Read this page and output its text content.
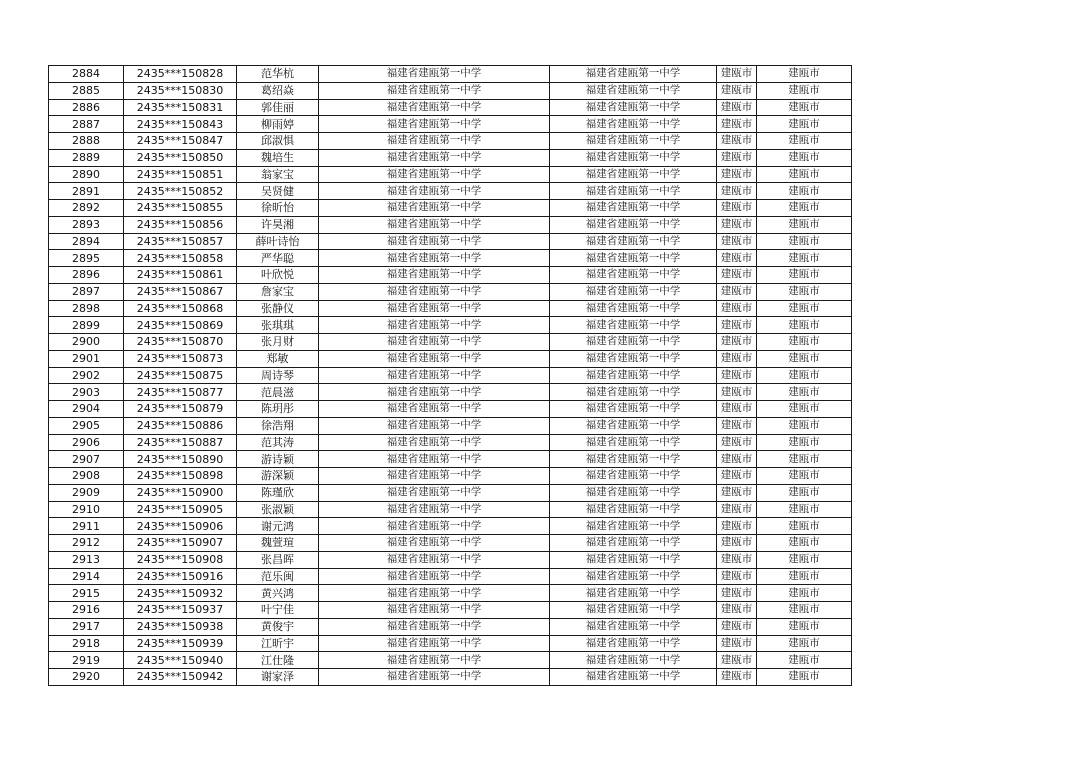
2884	2435***150828	范华杭	福建省建瓯第一中学	福建省建瓯第一中学	建瓯市	建瓯市
2885	2435***150830	葛绍焱	福建省建瓯第一中学	福建省建瓯第一中学	建瓯市	建瓯市
2886	2435***150831	郭佳丽	福建省建瓯第一中学	福建省建瓯第一中学	建瓯市	建瓯市
2887	2435***150843	柳雨婷	福建省建瓯第一中学	福建省建瓯第一中学	建瓯市	建瓯市
2888	2435***150847	邱淑惧	福建省建瓯第一中学	福建省建瓯第一中学	建瓯市	建瓯市
2889	2435***150850	魏培生	福建省建瓯第一中学	福建省建瓯第一中学	建瓯市	建瓯市
2890	2435***150851	翁家宝	福建省建瓯第一中学	福建省建瓯第一中学	建瓯市	建瓯市
2891	2435***150852	吴贤健	福建省建瓯第一中学	福建省建瓯第一中学	建瓯市	建瓯市
2892	2435***150855	徐昕怡	福建省建瓯第一中学	福建省建瓯第一中学	建瓯市	建瓯市
2893	2435***150856	许昊湘	福建省建瓯第一中学	福建省建瓯第一中学	建瓯市	建瓯市
2894	2435***150857	薛叶诗怡	福建省建瓯第一中学	福建省建瓯第一中学	建瓯市	建瓯市
2895	2435***150858	严华聪	福建省建瓯第一中学	福建省建瓯第一中学	建瓯市	建瓯市
2896	2435***150861	叶欣悦	福建省建瓯第一中学	福建省建瓯第一中学	建瓯市	建瓯市
2897	2435***150867	詹家宝	福建省建瓯第一中学	福建省建瓯第一中学	建瓯市	建瓯市
2898	2435***150868	张静仪	福建省建瓯第一中学	福建省建瓯第一中学	建瓯市	建瓯市
2899	2435***150869	张琪琪	福建省建瓯第一中学	福建省建瓯第一中学	建瓯市	建瓯市
2900	2435***150870	张月财	福建省建瓯第一中学	福建省建瓯第一中学	建瓯市	建瓯市
2901	2435***150873	郑敏	福建省建瓯第一中学	福建省建瓯第一中学	建瓯市	建瓯市
2902	2435***150875	周诗琴	福建省建瓯第一中学	福建省建瓯第一中学	建瓯市	建瓯市
2903	2435***150877	范晨滋	福建省建瓯第一中学	福建省建瓯第一中学	建瓯市	建瓯市
2904	2435***150879	陈玥彤	福建省建瓯第一中学	福建省建瓯第一中学	建瓯市	建瓯市
2905	2435***150886	徐浩翔	福建省建瓯第一中学	福建省建瓯第一中学	建瓯市	建瓯市
2906	2435***150887	范其涛	福建省建瓯第一中学	福建省建瓯第一中学	建瓯市	建瓯市
2907	2435***150890	游诗颖	福建省建瓯第一中学	福建省建瓯第一中学	建瓯市	建瓯市
2908	2435***150898	游深颖	福建省建瓯第一中学	福建省建瓯第一中学	建瓯市	建瓯市
2909	2435***150900	陈瑾欣	福建省建瓯第一中学	福建省建瓯第一中学	建瓯市	建瓯市
2910	2435***150905	张淑颖	福建省建瓯第一中学	福建省建瓯第一中学	建瓯市	建瓯市
2911	2435***150906	谢元鸿	福建省建瓯第一中学	福建省建瓯第一中学	建瓯市	建瓯市
2912	2435***150907	魏萱瑄	福建省建瓯第一中学	福建省建瓯第一中学	建瓯市	建瓯市
2913	2435***150908	张昌晖	福建省建瓯第一中学	福建省建瓯第一中学	建瓯市	建瓯市
2914	2435***150916	范乐闽	福建省建瓯第一中学	福建省建瓯第一中学	建瓯市	建瓯市
2915	2435***150932	黄兴鸿	福建省建瓯第一中学	福建省建瓯第一中学	建瓯市	建瓯市
2916	2435***150937	叶宁佳	福建省建瓯第一中学	福建省建瓯第一中学	建瓯市	建瓯市
2917	2435***150938	黄俊宇	福建省建瓯第一中学	福建省建瓯第一中学	建瓯市	建瓯市
2918	2435***150939	江昕宇	福建省建瓯第一中学	福建省建瓯第一中学	建瓯市	建瓯市
2919	2435***150940	江仕隆	福建省建瓯第一中学	福建省建瓯第一中学	建瓯市	建瓯市
2920	2435***150942	谢家泽	福建省建瓯第一中学	福建省建瓯第一中学	建瓯市	建瓯市
